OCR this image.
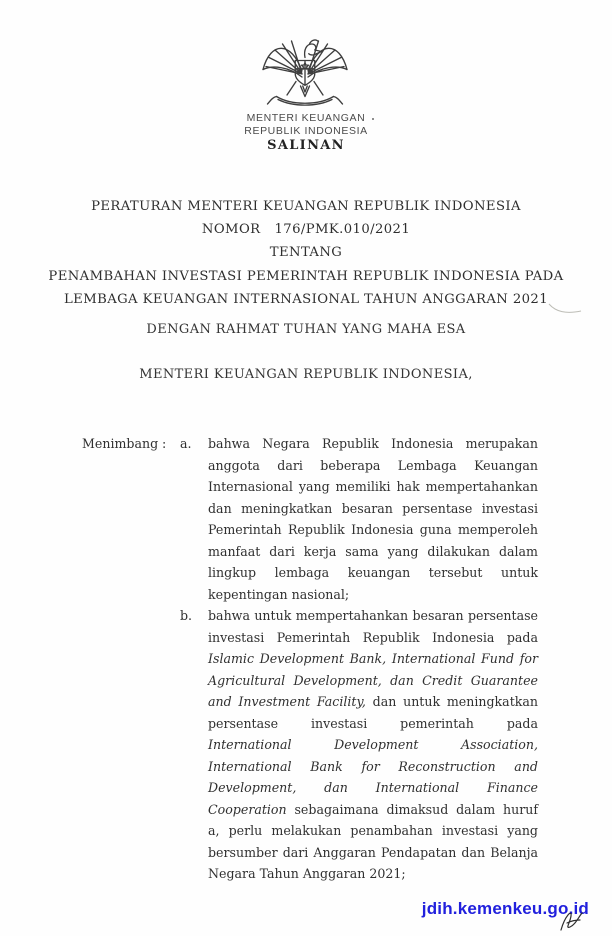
MENTERI KEUANGAN
REPUBLIK INDONESIA
SALINAN
PERATURAN MENTERI KEUANGAN REPUBLIK INDONESIA
NOMOR 176/PMK.010/2021
TENTANG
PENAMBAHAN INVESTASI PEMERINTAH REPUBLIK INDONESIA PADA
LEMBAGA KEUANGAN INTERNASIONAL TAHUN ANGGARAN 2021
DENGAN RAHMAT TUHAN YANG MAHA ESA
MENTERI KEUANGAN REPUBLIK INDONESIA,
Menimbang :	a.	bahwa Negara Republik Indonesia merupakan anggota dari beberapa Lembaga Keuangan Internasional yang memiliki hak mempertahankan dan meningkatkan besaran persentase investasi Pemerintah Republik Indonesia guna memperoleh manfaat dari kerja sama yang dilakukan dalam lingkup lembaga keuangan tersebut untuk kepentingan nasional;
b.	bahwa untuk mempertahankan besaran persentase investasi Pemerintah Republik Indonesia pada Islamic Development Bank, International Fund for Agricultural Development, dan Credit Guarantee and Investment Facility, dan untuk meningkatkan persentase investasi pemerintah pada International Development Association, International Bank for Reconstruction and Development, dan International Finance Cooperation sebagaimana dimaksud dalam huruf a, perlu melakukan penambahan investasi yang bersumber dari Anggaran Pendapatan dan Belanja Negara Tahun Anggaran 2021;
jdih.kemenkeu.go.id
